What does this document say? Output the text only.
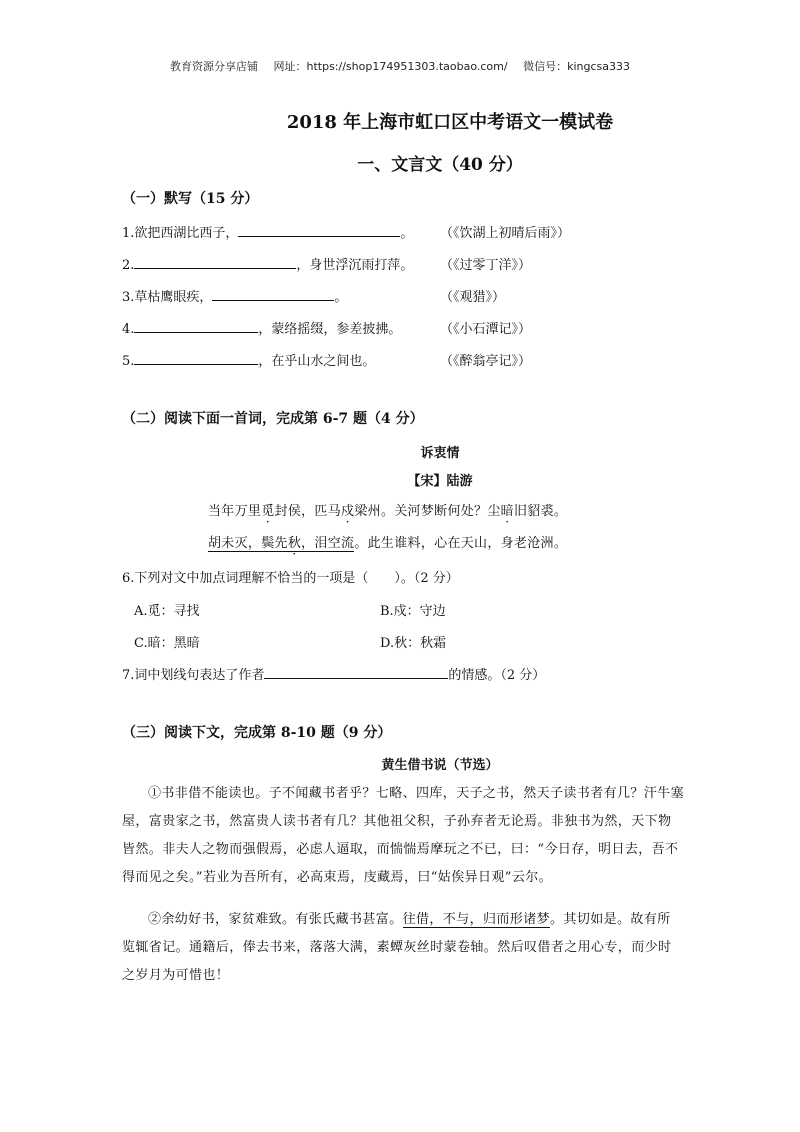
教育资源分享店铺 网址：https://shop174951303.taobao.com/ 微信号：kingcsa333
2018 年上海市虹口区中考语文一模试卷
一、文言文（40 分）
（一）默写（15 分）
1.欲把西湖比西子，	。 （《饮湖上初晴后雨》）
2.	，身世浮沉雨打萍。 （《过零丁洋》）
3.草枯鹰眼疾，	。	（《观猎》）
4.	，蒙络摇缀，参差披拂。	（《小石潭记》）
5.	，在乎山水之间也。	（《醉翁亭记》）
（二）阅读下面一首词，完成第 6-7 题（4 分）
诉衷情
【宋】陆游
当年万里觅封侯，匹马戍梁州。关河梦断何处？尘暗旧貂裘。
胡未灭，鬓先秋，泪空流。此生谁料，心在天山，身老沧洲。
6.下列对文中加点词理解不恰当的一项是（　　）。（2 分）
A.觅：寻找	B.戍：守边
C.暗：黑暗	D.秋：秋霜
7.词中划线句表达了作者	的情感。（2 分）
（三）阅读下文，完成第 8-10 题（9 分）
黄生借书说（节选）
①书非借不能读也。子不闻藏书者乎？七略、四库，天子之书，然天子读书者有几？汗牛塞屋，富贵家之书，然富贵人读书者有几？其他祖父积，子孙弃者无论焉。非独书为然，天下物皆然。非夫人之物而强假焉，必虑人逼取，而惴惴焉摩玩之不已，曰：“今日存，明日去，吾不得而见之矣。”若业为吾所有，必高束焉，庋藏焉，曰“姑俟异日观”云尔。
②余幼好书，家贫难致。有张氏藏书甚富。往借，不与，归而形诸梦。其切如是。故有所览辄省记。通籍后，俸去书来，落落大满，素蟫灰丝时蒙卷轴。然后叹借者之用心专，而少时之岁月为可惜也！
